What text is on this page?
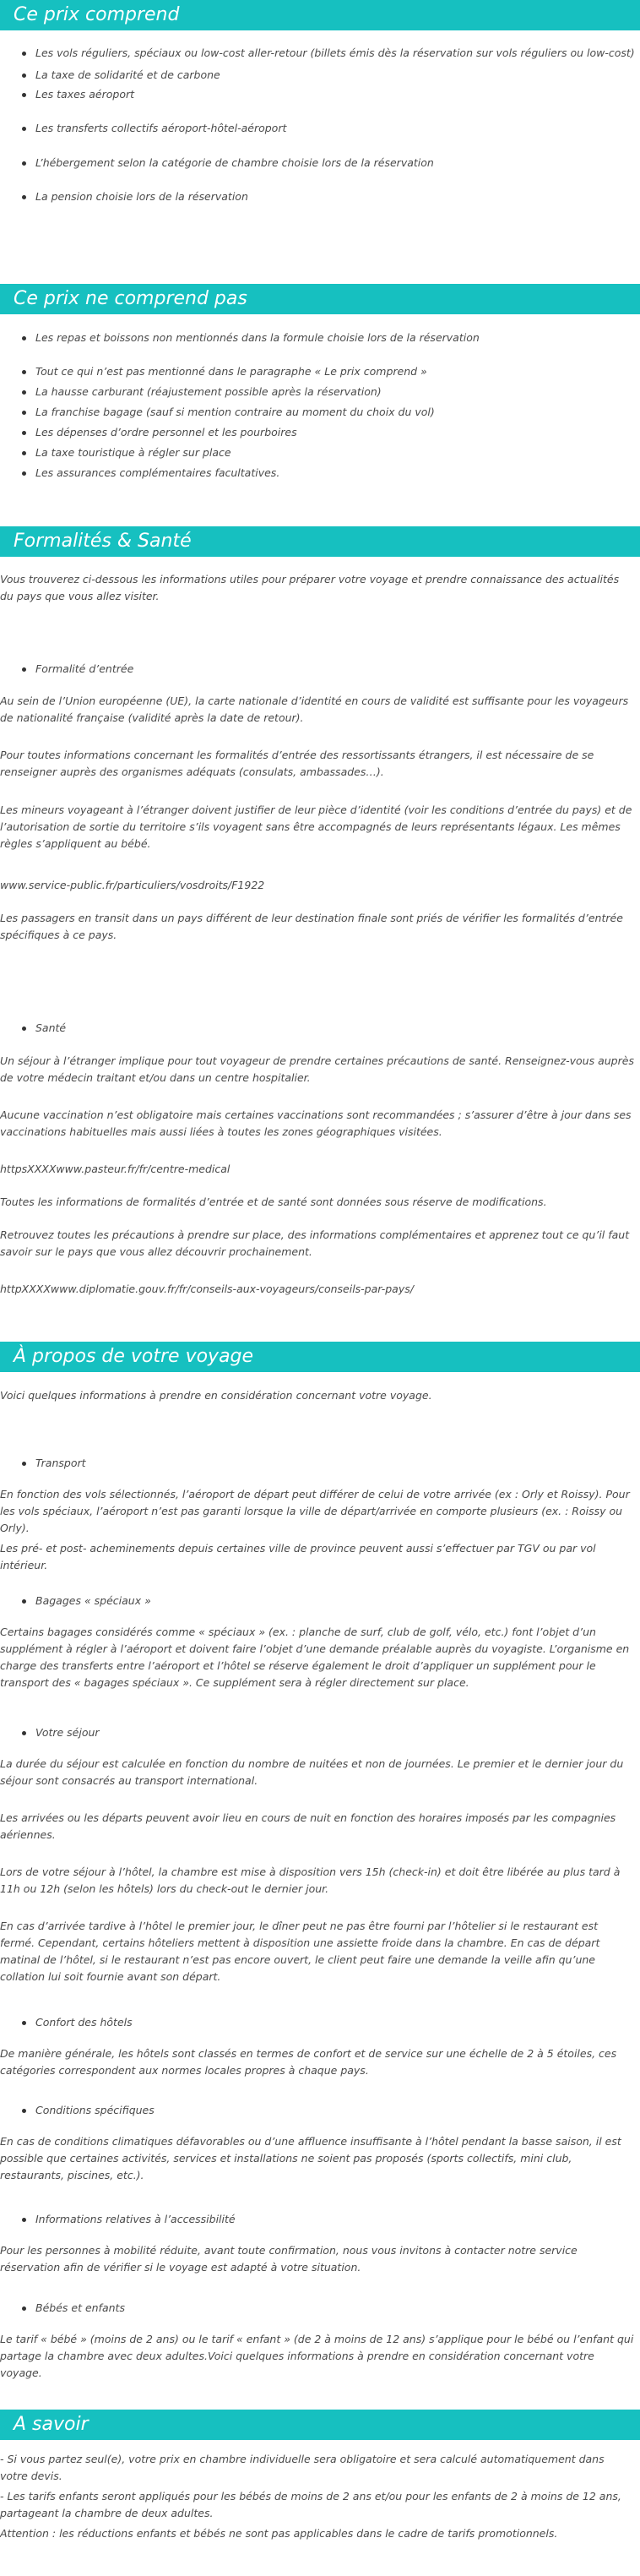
Ce prix comprend
Les vols réguliers, spéciaux ou low-cost aller-retour (billets émis dès la réservation sur vols réguliers ou low-cost)
La taxe de solidarité et de carbone
Les taxes aéroport
Les transferts collectifs aéroport-hôtel-aéroport
L’hébergement selon la catégorie de chambre choisie lors de la réservation
La pension choisie lors de la réservation
Ce prix ne comprend pas
Les repas et boissons non mentionnés dans la formule choisie lors de la réservation
Tout ce qui n’est pas mentionné dans le paragraphe « Le prix comprend »
La hausse carburant (réajustement possible après la réservation)
La franchise bagage (sauf si mention contraire au moment du choix du vol)
Les dépenses d’ordre personnel et les pourboires
La taxe touristique à régler sur place
Les assurances complémentaires facultatives.
Formalités & Santé

Vous trouverez ci-dessous les informations utiles pour préparer votre voyage et prendre connaissance des actualités du pays que vous allez visiter.

Formalité d’entrée

Au sein de l’Union européenne (UE), la carte nationale d’identité en cours de validité est suffisante pour les voyageurs de nationalité française (validité après la date de retour).

Pour toutes informations concernant les formalités d’entrée des ressortissants étrangers, il est nécessaire de se renseigner auprès des organismes adéquats (consulats, ambassades…).

Les mineurs voyageant à l’étranger doivent justifier de leur pièce d’identité (voir les conditions d’entrée du pays) et de l’autorisation de sortie du territoire s’ils voyagent sans être accompagnés de leurs représentants légaux. Les mêmes règles s’appliquent au bébé.

www.service-public.fr/particuliers/vosdroits/F1922

Les passagers en transit dans un pays différent de leur destination finale sont priés de vérifier les formalités d’entrée spécifiques à ce pays.

Santé

Un séjour à l’étranger implique pour tout voyageur de prendre certaines précautions de santé. Renseignez-vous auprès de votre médecin traitant et/ou dans un centre hospitalier.

Aucune vaccination n’est obligatoire mais certaines vaccinations sont recommandées ; s’assurer d’être à jour dans ses vaccinations habituelles mais aussi liées à toutes les zones géographiques visitées.

httpsXXXXwww.pasteur.fr/fr/centre-medical

Toutes les informations de formalités d’entrée et de santé sont données sous réserve de modifications.

Retrouvez toutes les précautions à prendre sur place, des informations complémentaires et apprenez tout ce qu’il faut savoir sur le pays que vous allez découvrir prochainement.

httpXXXXwww.diplomatie.gouv.fr/fr/conseils-aux-voyageurs/conseils-par-pays/

À propos de votre voyage

Voici quelques informations à prendre en considération concernant votre voyage.

Transport

En fonction des vols sélectionnés, l’aéroport de départ peut différer de celui de votre arrivée (ex : Orly et Roissy). Pour les vols spéciaux, l’aéroport n’est pas garanti lorsque la ville de départ/arrivée en comporte plusieurs (ex. : Roissy ou Orly).

Les pré- et post- acheminements depuis certaines ville de province peuvent aussi s’effectuer par TGV ou par vol intérieur.

Bagages « spéciaux »

Certains bagages considérés comme « spéciaux » (ex. : planche de surf, club de golf, vélo, etc.) font l’objet d’un supplément à régler à l’aéroport et doivent faire l’objet d’une demande préalable auprès du voyagiste. L’organisme en charge des transferts entre l’aéroport et l’hôtel se réserve également le droit d’appliquer un supplément pour le transport des « bagages spéciaux ». Ce supplément sera à régler directement sur place.

Votre séjour

La durée du séjour est calculée en fonction du nombre de nuitées et non de journées. Le premier et le dernier jour du séjour sont consacrés au transport international.

Les arrivées ou les départs peuvent avoir lieu en cours de nuit en fonction des horaires imposés par les compagnies aériennes.

Lors de votre séjour à l’hôtel, la chambre est mise à disposition vers 15h (check-in) et doit être libérée au plus tard à 11h ou 12h (selon les hôtels) lors du check-out le dernier jour.

En cas d’arrivée tardive à l’hôtel le premier jour, le dîner peut ne pas être fourni par l’hôtelier si le restaurant est fermé. Cependant, certains hôteliers mettent à disposition une assiette froide dans la chambre. En cas de départ matinal de l’hôtel, si le restaurant n’est pas encore ouvert, le client peut faire une demande la veille afin qu’une collation lui soit fournie avant son départ.

Confort des hôtels

De manière générale, les hôtels sont classés en termes de confort et de service sur une échelle de 2 à 5 étoiles, ces catégories correspondent aux normes locales propres à chaque pays.

Conditions spécifiques

En cas de conditions climatiques défavorables ou d’une affluence insuffisante à l’hôtel pendant la basse saison, il est possible que certaines activités, services et installations ne soient pas proposés (sports collectifs, mini club, restaurants, piscines, etc.).

Informations relatives à l’accessibilité

Pour les personnes à mobilité réduite, avant toute confirmation, nous vous invitons à contacter notre service réservation afin de vérifier si le voyage est adapté à votre situation.

Bébés et enfants

Le tarif « bébé » (moins de 2 ans) ou le tarif « enfant » (de 2 à moins de 12 ans) s’applique pour le bébé ou l’enfant qui partage la chambre avec deux adultes.Voici quelques informations à prendre en considération concernant votre voyage.

A savoir

- Si vous partez seul(e), votre prix en chambre individuelle sera obligatoire et sera calculé automatiquement dans votre devis.

- Les tarifs enfants seront appliqués pour les bébés de moins de 2 ans et/ou pour les enfants de 2 à moins de 12 ans, partageant la chambre de deux adultes.

Attention : les réductions enfants et bébés ne sont pas applicables dans le cadre de tarifs promotionnels.
